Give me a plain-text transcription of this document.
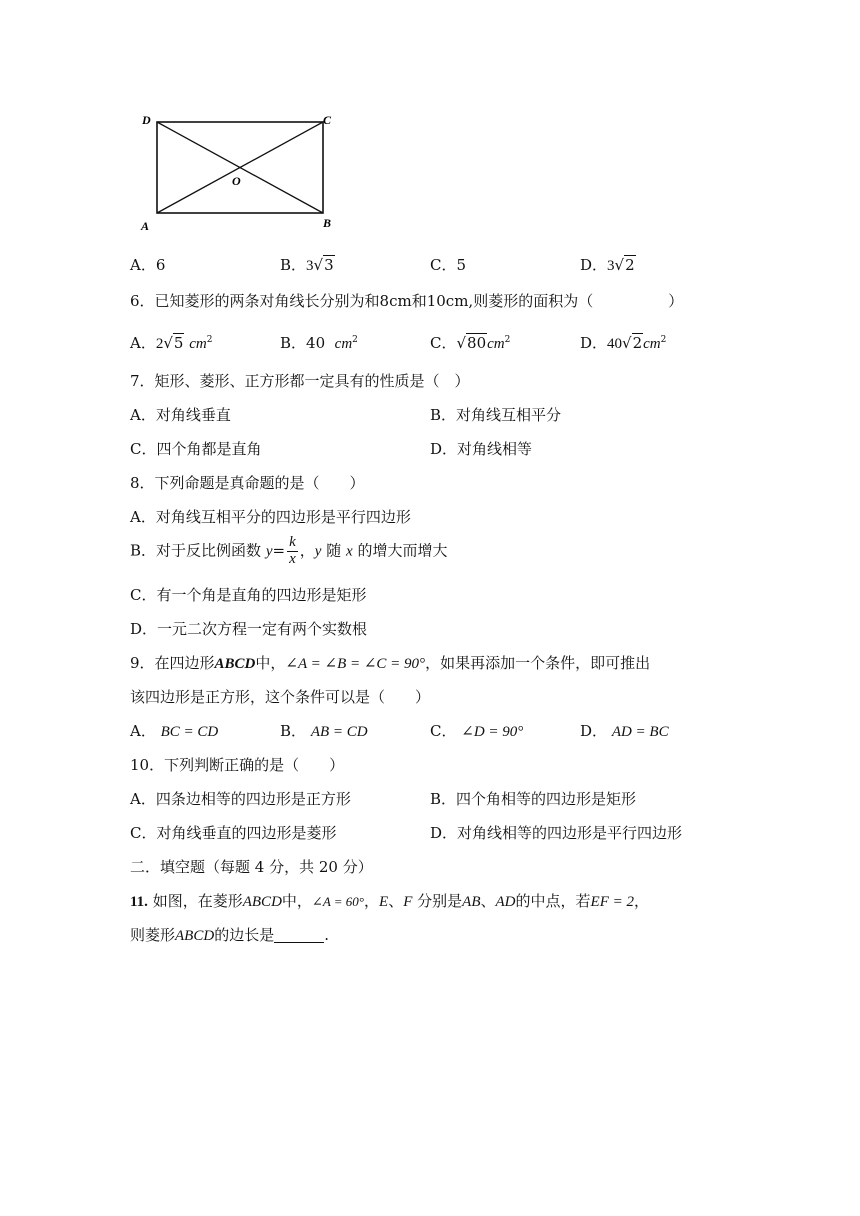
D	C
O
A	B
A．6	B．3√3	C．5	D．3√2
6．已知菱形的两条对角线长分别为和8cm和10cm,则菱形的面积为（　　　　　）
A．2√5 $cm^2$	B．40 $cm^2$	C．$√80cm^2$	D．$40√2cm^2$
7．矩形、菱形、正方形都一定具有的性质是（　）
A．对角线垂直	B．对角线互相平分
C．四个角都是直角	D．对角线相等
8．下列命题是真命题的是（　　）
A．对角线互相平分的四边形是平行四边形
B．对于反比例函数 $y= \frac{k}{x}$ ，y 随 x 的增大而增大
C．有一个角是直角的四边形是矩形
D．一元二次方程一定有两个实数根
9．在四边形ABCD中，∠A = ∠B = ∠C = 90°，如果再添加一个条件，即可推出
该四边形是正方形，这个条件可以是（　　）
A． BC = CD	B． AB = CD	C． ∠D = 90°	D． AD = BC
10．下列判断正确的是（　　）
A．四条边相等的四边形是正方形	B．四个角相等的四边形是矩形
C．对角线垂直的四边形是菱形	D．对角线相等的四边形是平行四边形
二．填空题（每题 4 分，共 20 分）
11. 如图，在菱形ABCD中，∠A = 60°，E、F 分别是AB、AD的中点，若EF = 2，
则菱形ABCD的边长是	.
